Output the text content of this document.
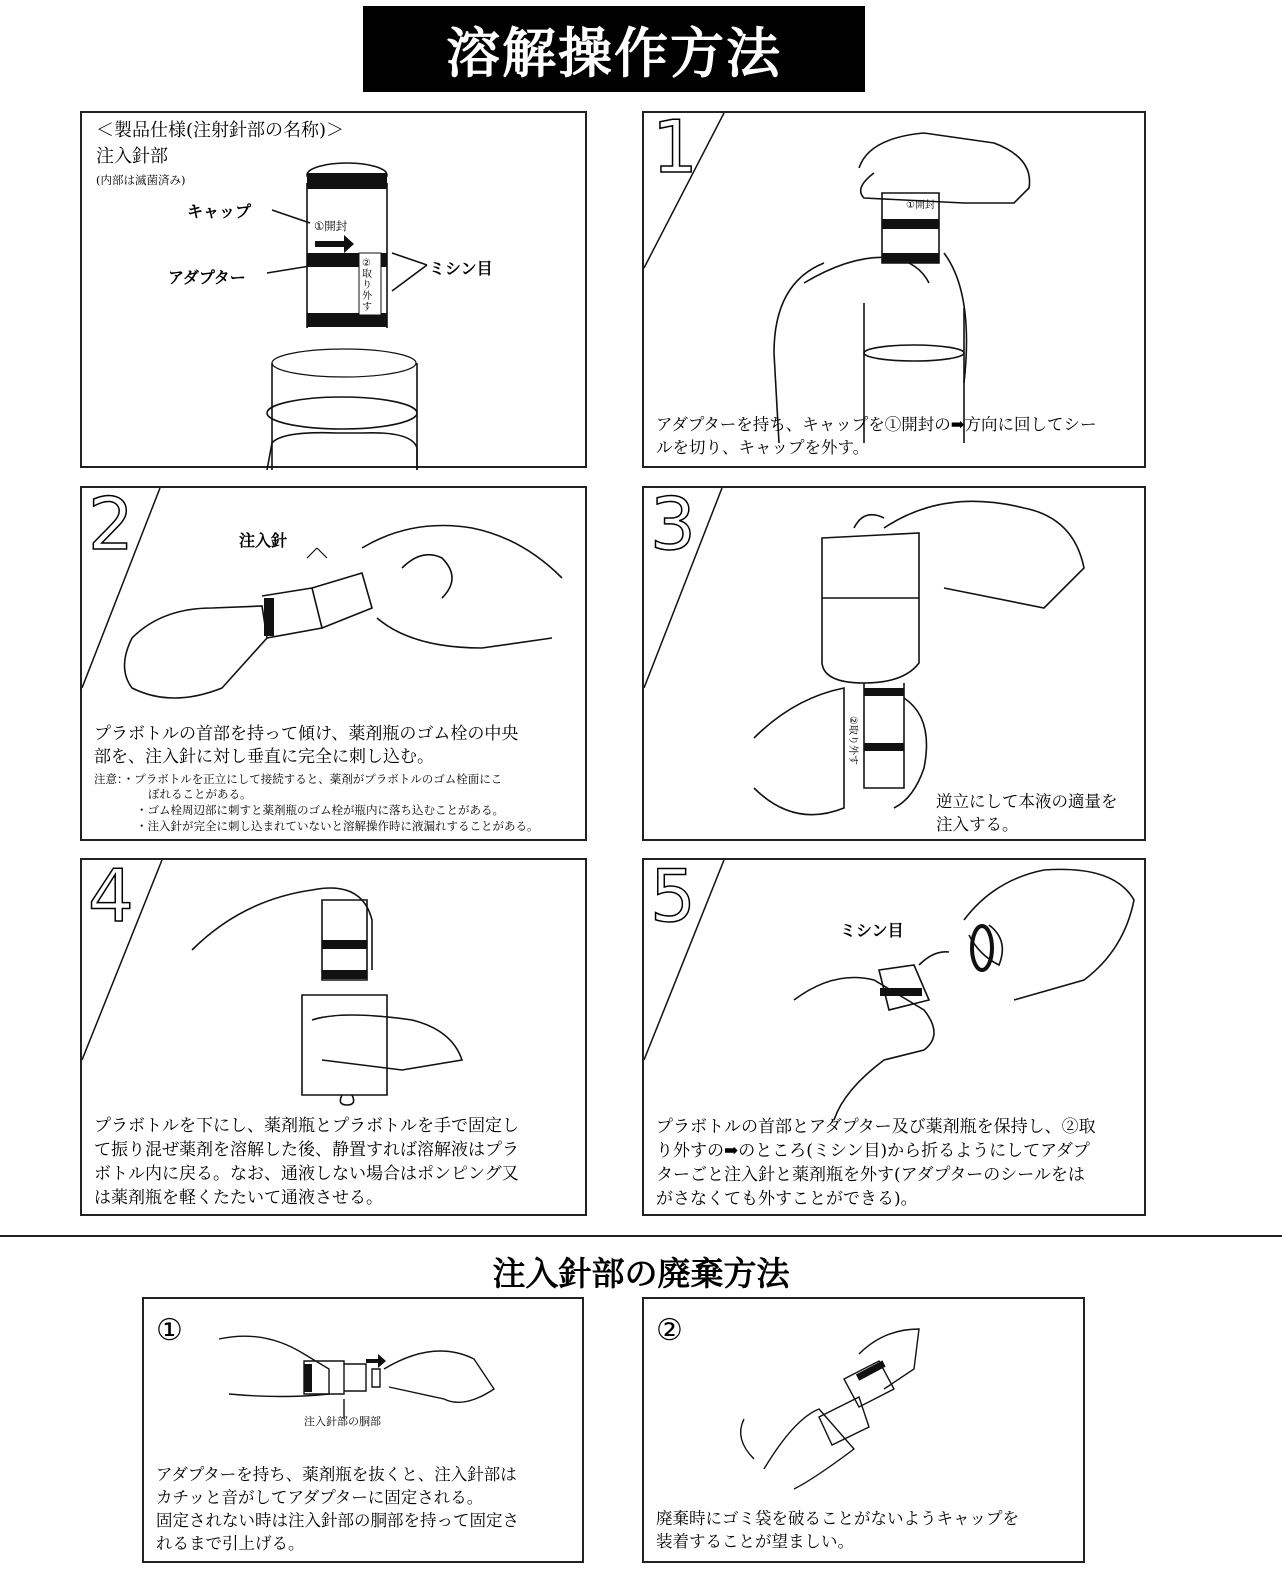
溶解操作方法
＜製品仕様(注射針部の名称)＞
注入針部
(内部は滅菌済み)
キャップ
アダプター	ミシン目
①開封
②取り外す
①開封
1
アダプターを持ち、キャップを①開封の➡方向に回してシー
ルを切り、キャップを外す。
2	注入針
プラボトルの首部を持って傾け、薬剤瓶のゴム栓の中央
部を、注入針に対し垂直に完全に刺し込む。
注意：・プラボトルを正立にして接続すると、薬剤がプラボトルのゴム栓面にこ
ぼれることがある。
・ゴム栓周辺部に刺すと薬剤瓶のゴム栓が瓶内に落ち込むことがある。
・注入針が完全に刺し込まれていないと溶解操作時に液漏れすることがある。
②取り外す
3
逆立にして本液の適量を
注入する。
4
プラボトルを下にし、薬剤瓶とプラボトルを手で固定し
て振り混ぜ薬剤を溶解した後、静置すれば溶解液はプラ
ボトル内に戻る。なお、通液しない場合はポンピング又
は薬剤瓶を軽くたたいて通液させる。
5	ミシン目
プラボトルの首部とアダプター及び薬剤瓶を保持し、②取
り外すの➡のところ(ミシン目)から折るようにしてアダプ
ターごと注入針と薬剤瓶を外す(アダプターのシールをは
がさなくても外すことができる)。
注入針部の廃棄方法
①
注入針部の胴部
アダプターを持ち、薬剤瓶を抜くと、注入針部は
カチッと音がしてアダプターに固定される。
固定されない時は注入針部の胴部を持って固定さ
れるまで引上げる。
②
廃棄時にゴミ袋を破ることがないようキャップを
装着することが望ましい。
